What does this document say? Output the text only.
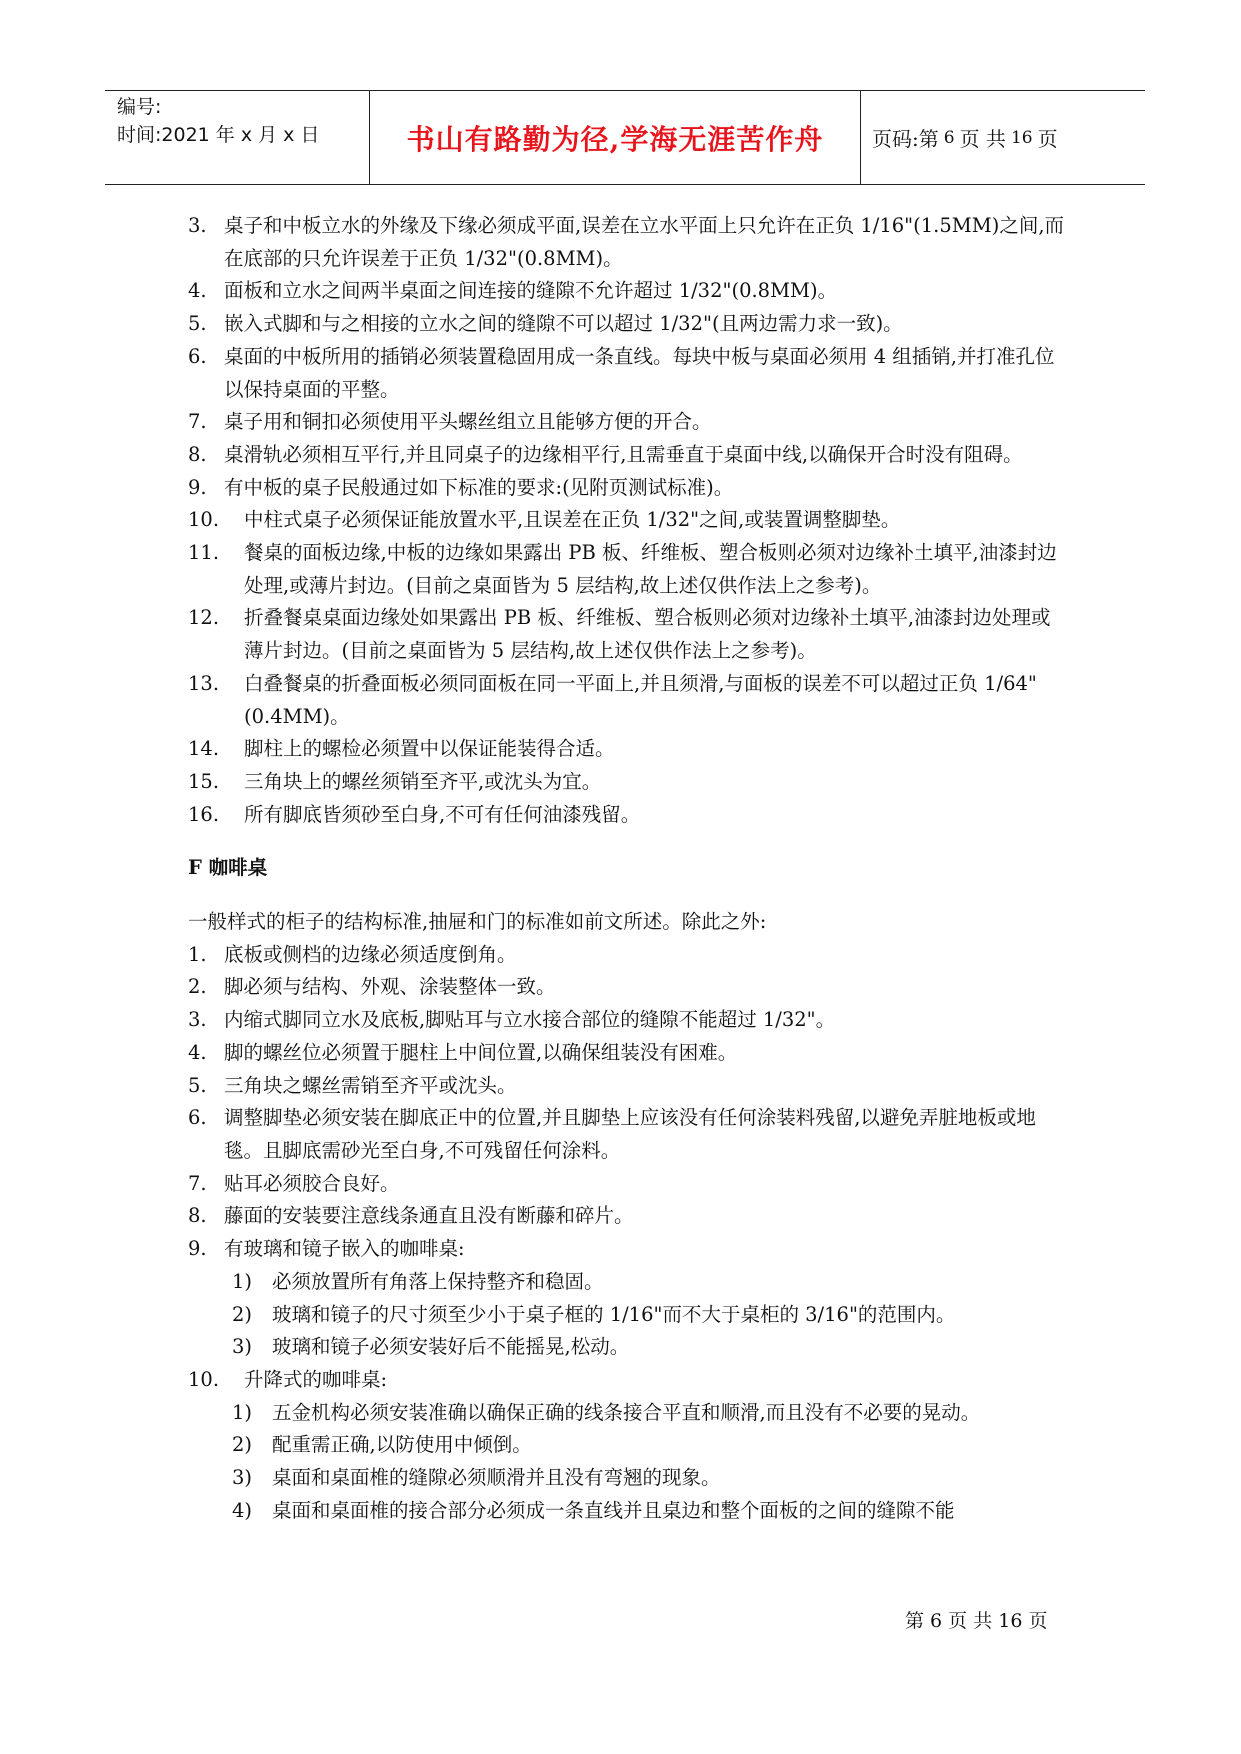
编号:
时间:2021 年 x 月 x 日	书山有路勤为径,学海无涯苦作舟	页码:第 6 页 共 16 页
3. 桌子和中板立水的外缘及下缘必须成平面,误差在立水平面上只允许在正负 1/16"(1.5MM)之间,而在底部的只允许误差于正负 1/32"(0.8MM)。
4. 面板和立水之间两半桌面之间连接的缝隙不允许超过 1/32"(0.8MM)。
5. 嵌入式脚和与之相接的立水之间的缝隙不可以超过 1/32"(且两边需力求一致)。
6. 桌面的中板所用的插销必须装置稳固用成一条直线。每块中板与桌面必须用 4 组插销,并打准孔位以保持桌面的平整。
7. 桌子用和铜扣必须使用平头螺丝组立且能够方便的开合。
8. 桌滑轨必须相互平行,并且同桌子的边缘相平行,且需垂直于桌面中线,以确保开合时没有阻碍。
9. 有中板的桌子民般通过如下标准的要求:(见附页测试标准)。
10.	中柱式桌子必须保证能放置水平,且误差在正负 1/32"之间,或装置调整脚垫。
11.	餐桌的面板边缘,中板的边缘如果露出 PB 板、纤维板、塑合板则必须对边缘补土填平,油漆封边处理,或薄片封边。(目前之桌面皆为 5 层结构,故上述仅供作法上之参考)。
12.	折叠餐桌桌面边缘处如果露出 PB 板、纤维板、塑合板则必须对边缘补土填平,油漆封边处理或薄片封边。(目前之桌面皆为 5 层结构,故上述仅供作法上之参考)。
13.	白叠餐桌的折叠面板必须同面板在同一平面上,并且须滑,与面板的误差不可以超过正负 1/64"(0.4MM)。
14.	脚柱上的螺检必须置中以保证能装得合适。
15.	三角块上的螺丝须销至齐平,或沈头为宜。
16.	所有脚底皆须砂至白身,不可有任何油漆残留。
F 咖啡桌
一般样式的柜子的结构标准,抽屉和门的标准如前文所述。除此之外:
1. 底板或侧档的边缘必须适度倒角。
2. 脚必须与结构、外观、涂装整体一致。
3. 内缩式脚同立水及底板,脚贴耳与立水接合部位的缝隙不能超过 1/32"。
4. 脚的螺丝位必须置于腿柱上中间位置,以确保组装没有困难。
5. 三角块之螺丝需销至齐平或沈头。
6. 调整脚垫必须安装在脚底正中的位置,并且脚垫上应该没有任何涂装料残留,以避免弄脏地板或地毯。且脚底需砂光至白身,不可残留任何涂料。
7. 贴耳必须胶合良好。
8. 藤面的安装要注意线条通直且没有断藤和碎片。
9. 有玻璃和镜子嵌入的咖啡桌:
1)	必须放置所有角落上保持整齐和稳固。
2)	玻璃和镜子的尺寸须至少小于桌子框的 1/16"而不大于桌柜的 3/16"的范围内。
3)	玻璃和镜子必须安装好后不能摇晃,松动。
10.	升降式的咖啡桌:
1)	五金机构必须安装准确以确保正确的线条接合平直和顺滑,而且没有不必要的晃动。
2)	配重需正确,以防使用中倾倒。
3)	桌面和桌面椎的缝隙必须顺滑并且没有弯翘的现象。
4)	桌面和桌面椎的接合部分必须成一条直线并且桌边和整个面板的之间的缝隙不能
第 6 页 共 16 页
